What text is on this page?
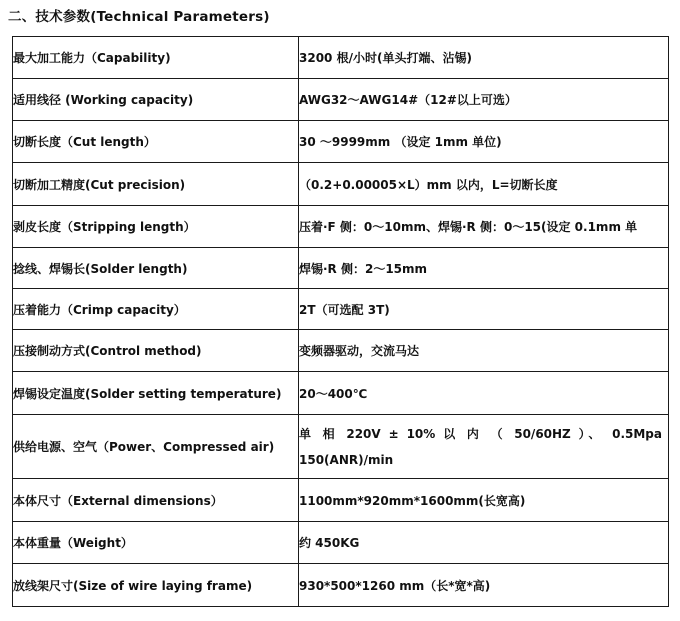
二、技术参数(Technical Parameters)
最大加工能力（Capability)	3200 根/小时(单头打端、沾锡)
适用线径 (Working capacity)	AWG32～AWG14#（12#以上可选）
切断长度（Cut length）	30 ～9999mm （设定 1mm 单位)
切断加工精度(Cut precision)	（0.2+0.00005×L）mm 以内，L=切断长度
剥皮长度（Stripping length）	压着·F 侧：0～10mm、焊锡·R 侧：0～15(设定 0.1mm 单
捻线、焊锡长(Solder length)	焊锡·R 侧：2～15mm
压着能力（Crimp capacity）	2T（可选配 3T)
压接制动方式(Control method)	变频器驱动，交流马达
焊锡设定温度(Solder setting temperature)	20～400℃
供给电源、空气（Power、Compressed air)	单 相 220V ± 10% 以 内 （ 50/60HZ ）、 0.5Mpa 150(ANR)/min
本体尺寸（External dimensions）	1100mm*920mm*1600mm(长宽高)
本体重量（Weight）	约 450KG
放线架尺寸(Size of wire laying frame)	930*500*1260 mm（长*宽*高)
